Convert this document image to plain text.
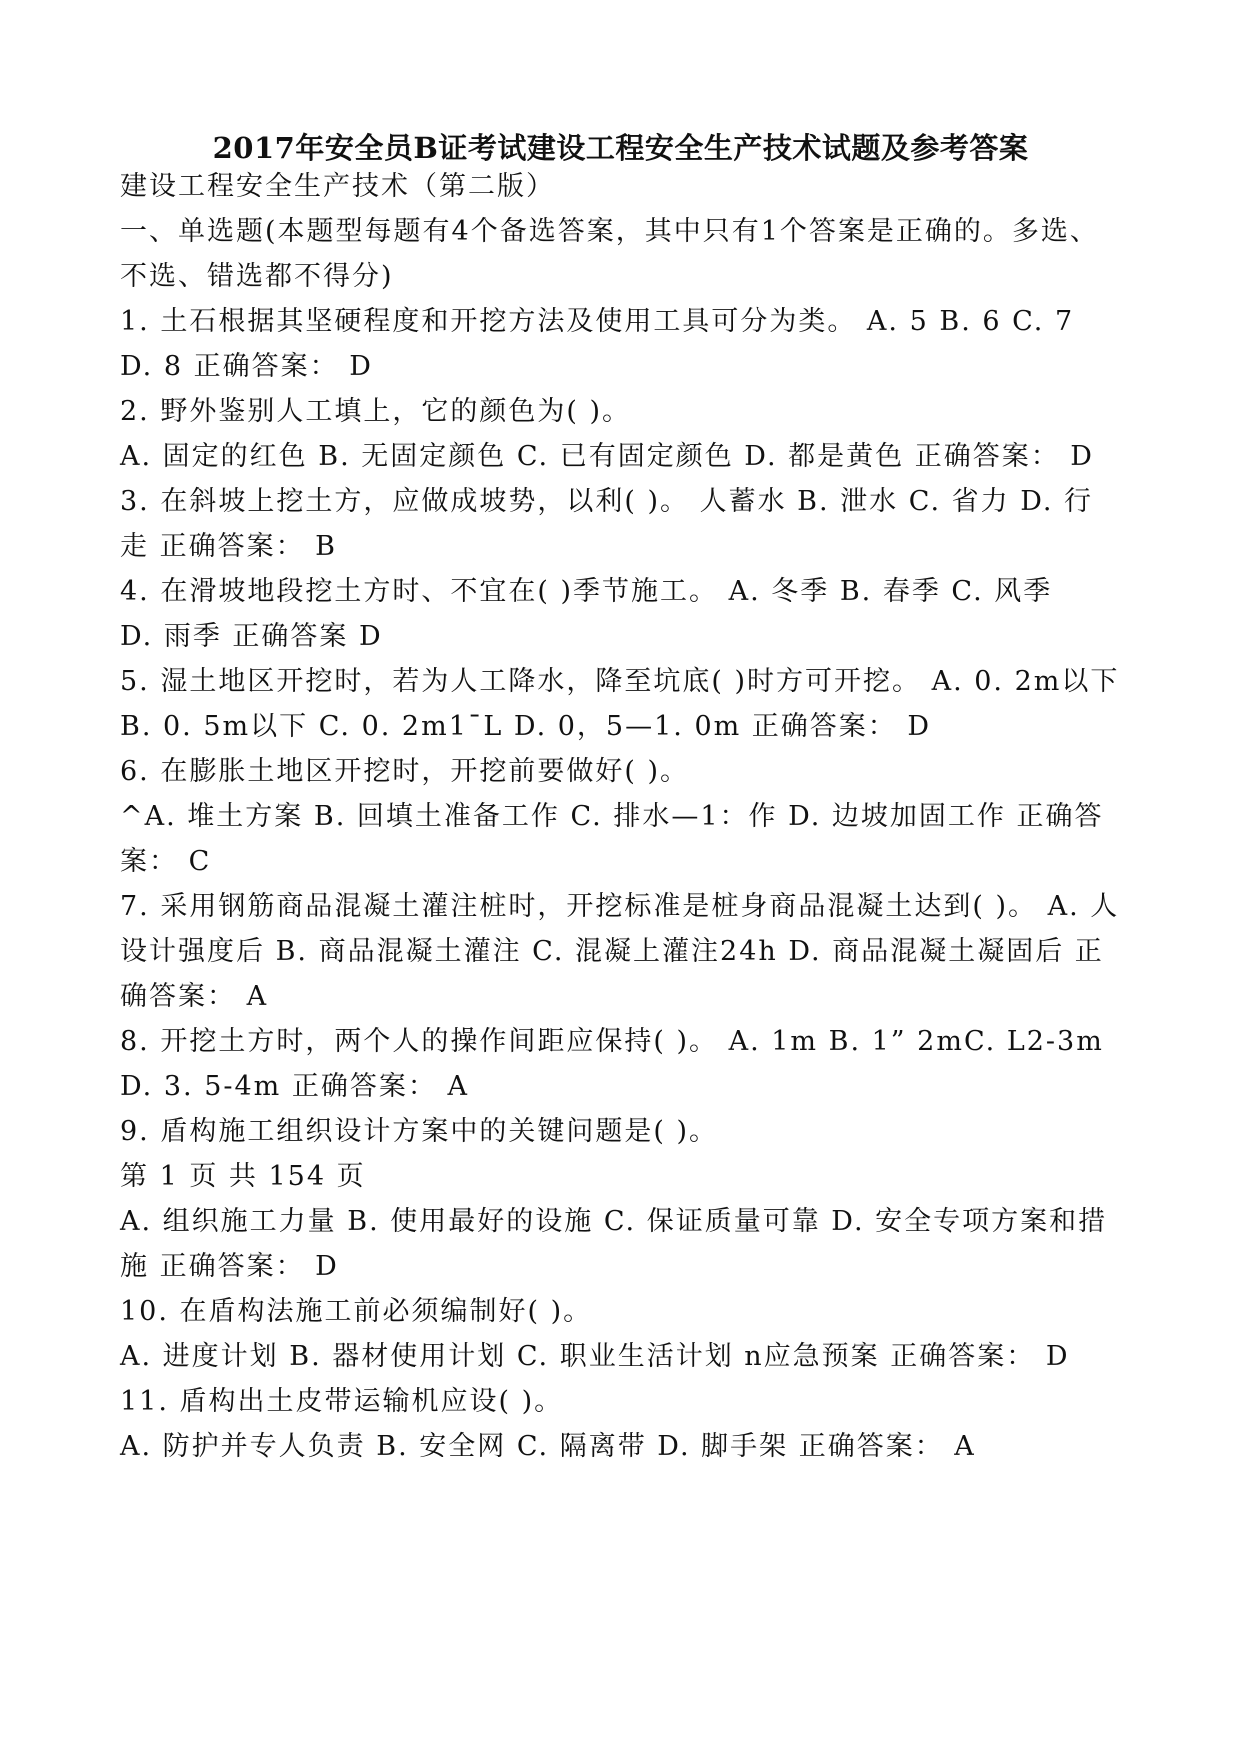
2017年安全员B证考试建设工程安全生产技术试题及参考答案
建设工程安全生产技术（第二版）
一、单选题(本题型每题有4个备选答案，其中只有1个答案是正确的。多选、
不选、错选都不得分)
1. 土石根据其坚硬程度和开挖方法及使用工具可分为类。 A. 5 B. 6 C. 7
D. 8 正确答案： D
2. 野外鉴别人工填上，它的颜色为( )。
A. 固定的红色 B. 无固定颜色 C. 已有固定颜色 D. 都是黄色 正确答案： D
3. 在斜坡上挖土方，应做成坡势，以利( )。 人蓄水 B. 泄水 C. 省力 D. 行
走 正确答案： B
4. 在滑坡地段挖土方时、不宜在( )季节施工。 A. 冬季 B. 春季 C. 风季
D. 雨季 正确答案 D
5. 湿土地区开挖时，若为人工降水，降至坑底( )时方可开挖。 A. 0. 2m以下
B. 0. 5m以下 C. 0. 2m1¯L D. 0，5—1. 0m 正确答案： D
6. 在膨胀土地区开挖时，开挖前要做好( )。
^A. 堆土方案 B. 回填土准备工作 C. 排水—1：作 D. 边坡加固工作 正确答
案： C
7. 采用钢筋商品混凝土灌注桩时，开挖标准是桩身商品混凝土达到( )。 A. 人
设计强度后 B. 商品混凝土灌注 C. 混凝上灌注24h D. 商品混凝土凝固后 正
确答案： A
8. 开挖土方时，两个人的操作间距应保持( )。 A. 1m B. 1” 2mC. L2-3m
D. 3. 5-4m 正确答案： A
9. 盾构施工组织设计方案中的关键问题是( )。
第 1 页 共 154 页
A. 组织施工力量 B. 使用最好的设施 C. 保证质量可靠 D. 安全专项方案和措
施 正确答案： D
10. 在盾构法施工前必须编制好( )。
A. 进度计划 B. 器材使用计划 C. 职业生活计划 n应急预案 正确答案： D
11. 盾构出土皮带运输机应设( )。
A. 防护并专人负责 B. 安全网 C. 隔离带 D. 脚手架 正确答案： A
